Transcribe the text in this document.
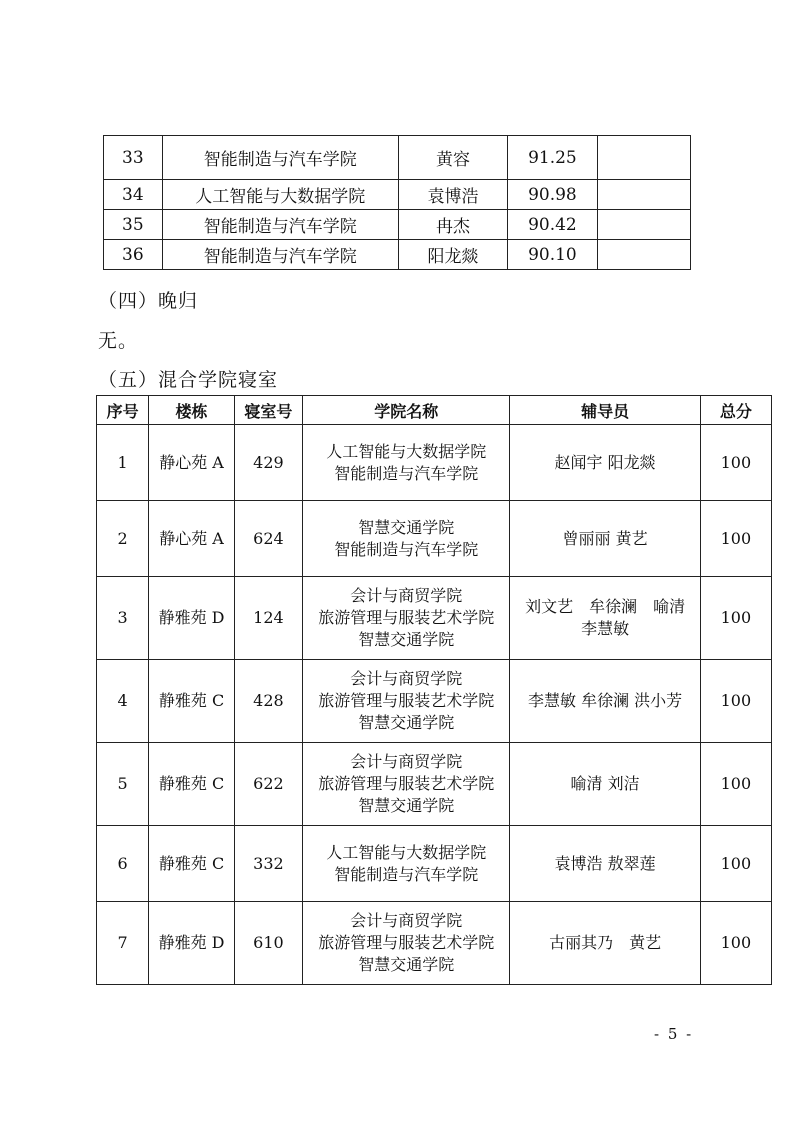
33	智能制造与汽车学院	黄容	91.25	
34	人工智能与大数据学院	袁博浩	90.98	
35	智能制造与汽车学院	冉杰	90.42	
36	智能制造与汽车学院	阳龙燚	90.10	
（四）晚归
无。
（五）混合学院寝室
序号	楼栋	寝室号	学院名称	辅导员	总分
1	静心苑 A	429	人工智能与大数据学院
智能制造与汽车学院	赵闻宇 阳龙燚	100
2	静心苑 A	624	智慧交通学院
智能制造与汽车学院	曾丽丽 黄艺	100
3	静雅苑 D	124	会计与商贸学院
旅游管理与服装艺术学院
智慧交通学院	刘文艺　牟徐澜　喻清
李慧敏	100
4	静雅苑 C	428	会计与商贸学院
旅游管理与服装艺术学院
智慧交通学院	李慧敏 牟徐澜 洪小芳	100
5	静雅苑 C	622	会计与商贸学院
旅游管理与服装艺术学院
智慧交通学院	喻清 刘洁	100
6	静雅苑 C	332	人工智能与大数据学院
智能制造与汽车学院	袁博浩 敖翠莲	100
7	静雅苑 D	610	会计与商贸学院
旅游管理与服装艺术学院
智慧交通学院	古丽其乃　黄艺	100
- 5 -
